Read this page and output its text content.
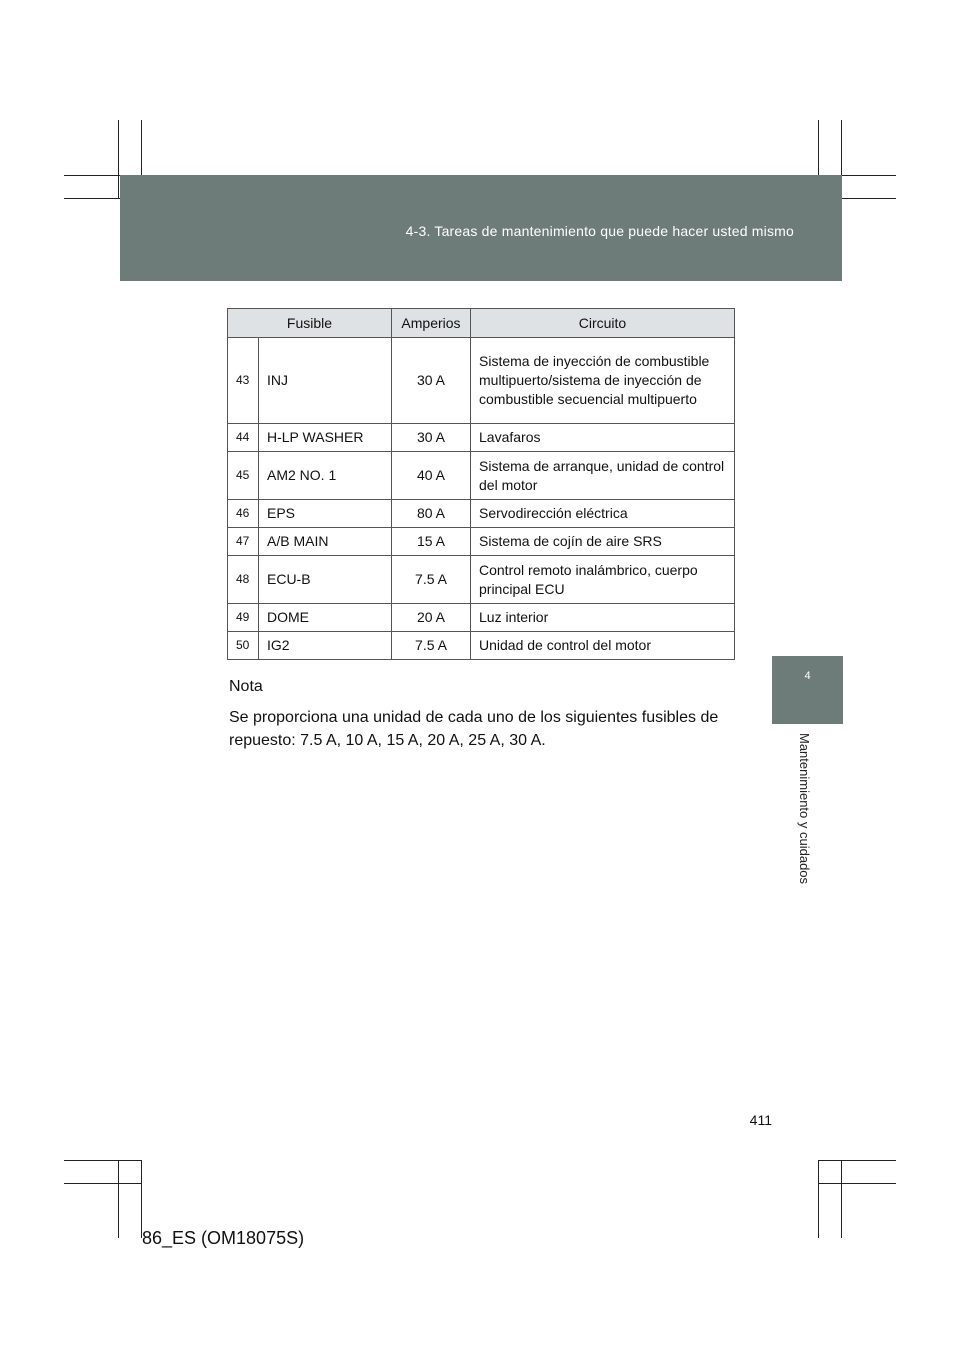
4-3. Tareas de mantenimiento que puede hacer usted mismo
4
Mantenimiento y cuidados
Fusible		Amperios	Circuito
43	INJ	30 A	Sistema de inyección de combustible multipuerto/sistema de inyección de combustible secuencial multipuerto
44	H-LP WASHER	30 A	Lavafaros
45	AM2 NO. 1	40 A	Sistema de arranque, unidad de control del motor
46	EPS	80 A	Servodirección eléctrica
47	A/B MAIN	15 A	Sistema de cojín de aire SRS
48	ECU-B	7.5 A	Control remoto inalámbrico, cuerpo principal ECU
49	DOME	20 A	Luz interior
50	IG2	7.5 A	Unidad de control del motor
Nota
Se proporciona una unidad de cada uno de los siguientes fusibles de repuesto: 7.5 A, 10 A, 15 A, 20 A, 25 A, 30 A.
411
86_ES (OM18075S)
